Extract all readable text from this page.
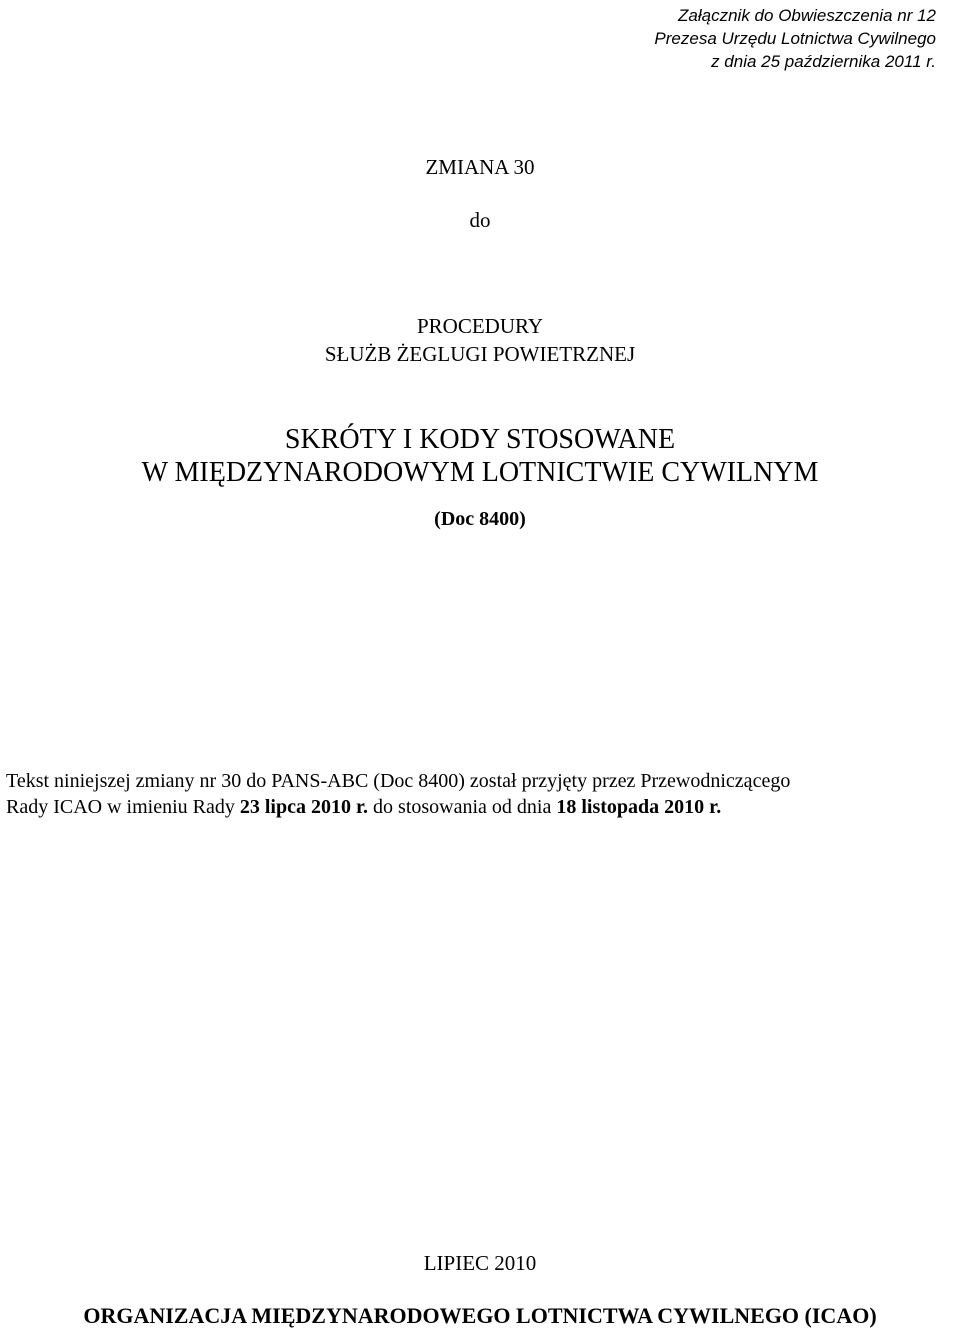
Załącznik do Obwieszczenia nr 12
Prezesa Urzędu Lotnictwa Cywilnego
z dnia 25 października 2011 r.
ZMIANA 30
do
PROCEDURY
SŁUŻB ŻEGLUGI POWIETRZNEJ
SKRÓTY I KODY STOSOWANE
W MIĘDZYNARODOWYM LOTNICTWIE CYWILNYM
(Doc 8400)
Tekst niniejszej zmiany nr 30 do PANS-ABC (Doc 8400) został przyjęty przez Przewodniczącego
Rady ICAO w imieniu Rady 23 lipca 2010 r. do stosowania od dnia 18 listopada 2010 r.
LIPIEC 2010
ORGANIZACJA MIĘDZYNARODOWEGO LOTNICTWA CYWILNEGO (ICAO)
